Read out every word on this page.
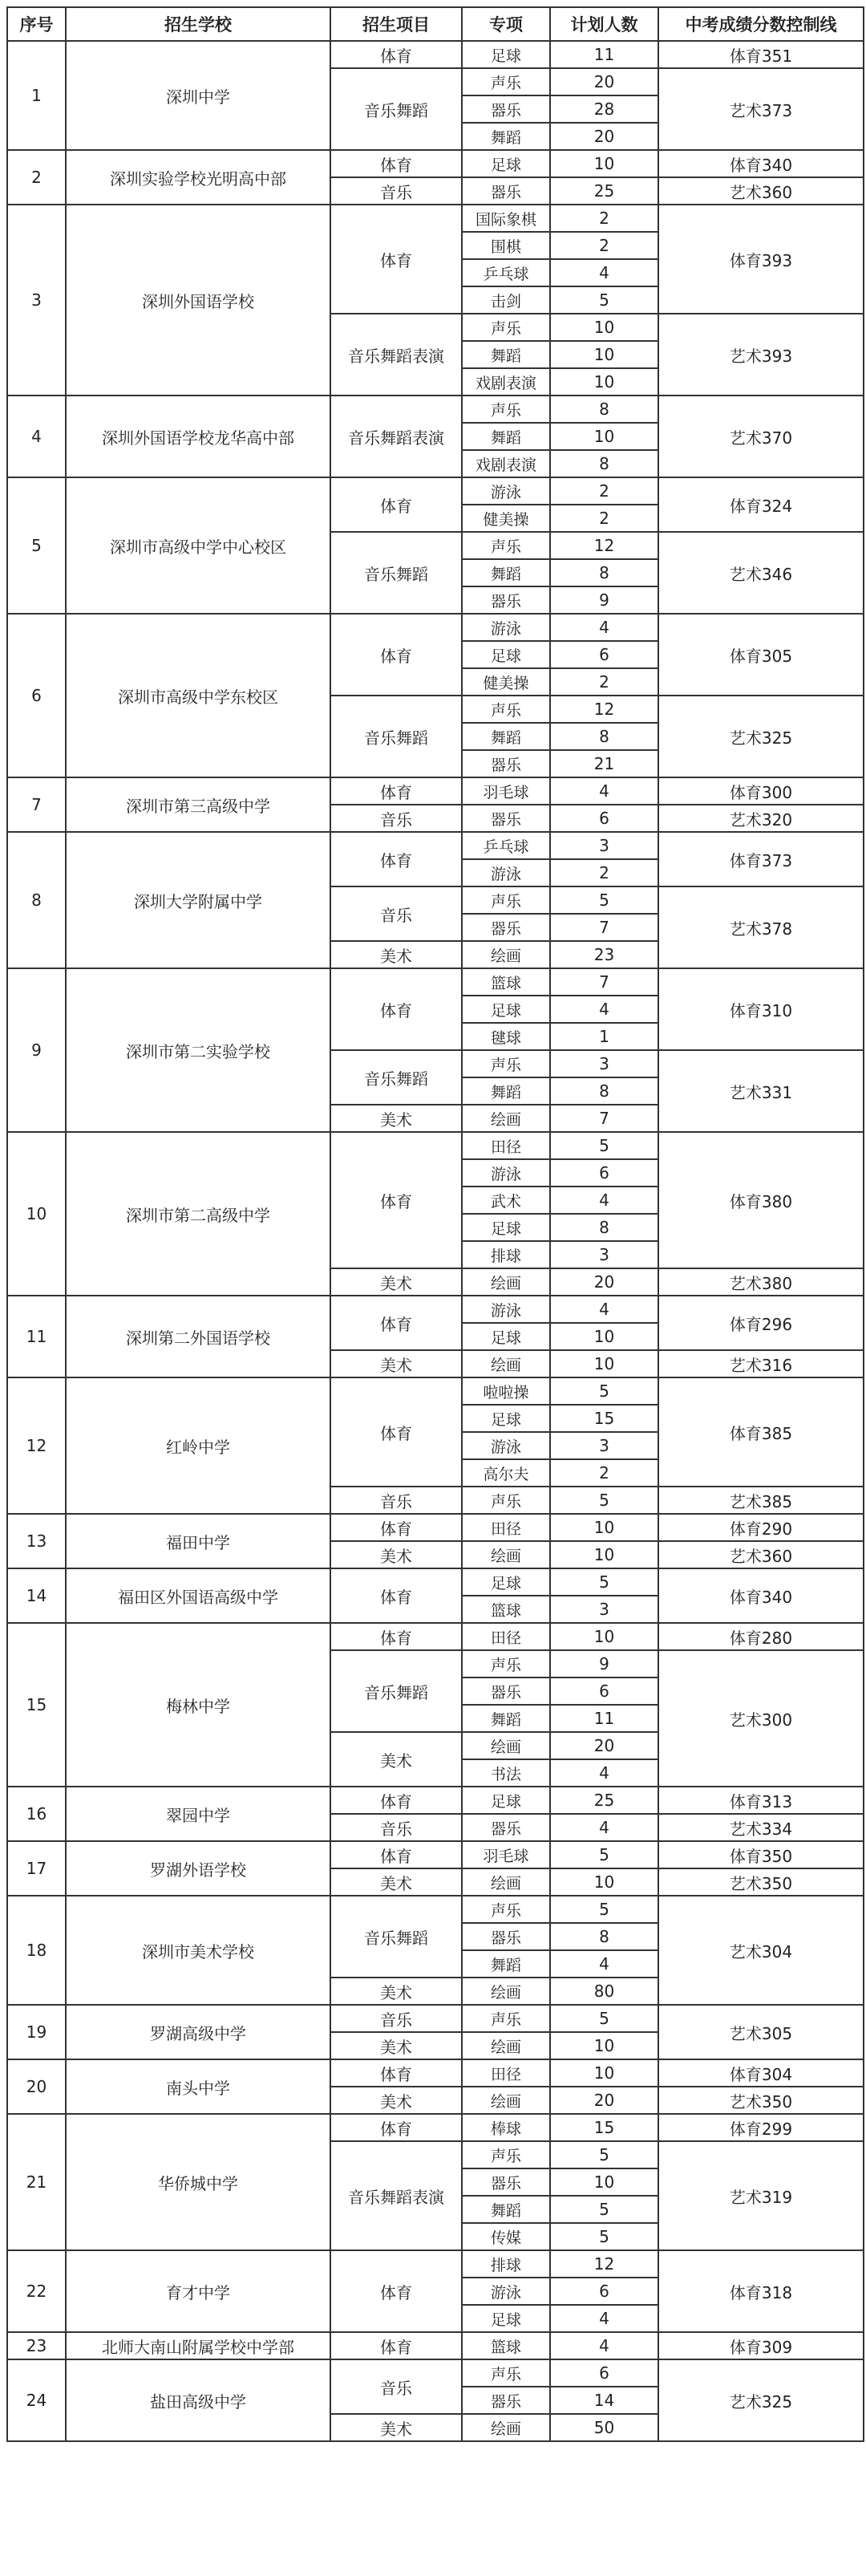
序号	招生学校	招生项目	专项	计划人数	中考成绩分数控制线
1	深圳中学	体育	足球	11	体育351
		音乐舞蹈	声乐	20	艺术373
			器乐	28	
			舞蹈	20	
2	深圳实验学校光明高中部	体育	足球	10	体育340
		音乐	器乐	25	艺术360
3	深圳外国语学校	体育	国际象棋	2	体育393
			围棋	2	
			乒乓球	4	
			击剑	5	
		音乐舞蹈表演	声乐	10	艺术393
			舞蹈	10	
			戏剧表演	10	
4	深圳外国语学校龙华高中部	音乐舞蹈表演	声乐	8	艺术370
			舞蹈	10	
			戏剧表演	8	
5	深圳市高级中学中心校区	体育	游泳	2	体育324
			健美操	2	
		音乐舞蹈	声乐	12	艺术346
			舞蹈	8	
			器乐	9	
6	深圳市高级中学东校区	体育	游泳	4	体育305
			足球	6	
			健美操	2	
		音乐舞蹈	声乐	12	艺术325
			舞蹈	8	
			器乐	21	
7	深圳市第三高级中学	体育	羽毛球	4	体育300
		音乐	器乐	6	艺术320
8	深圳大学附属中学	体育	乒乓球	3	体育373
			游泳	2	
		音乐	声乐	5	艺术378
			器乐	7	
		美术	绘画	23	
9	深圳市第二实验学校	体育	篮球	7	体育310
			足球	4	
			毽球	1	
		音乐舞蹈	声乐	3	艺术331
			舞蹈	8	
		美术	绘画	7	
10	深圳市第二高级中学	体育	田径	5	体育380
			游泳	6	
			武术	4	
			足球	8	
			排球	3	
		美术	绘画	20	艺术380
11	深圳第二外国语学校	体育	游泳	4	体育296
			足球	10	
		美术	绘画	10	艺术316
12	红岭中学	体育	啦啦操	5	体育385
			足球	15	
			游泳	3	
			高尔夫	2	
		音乐	声乐	5	艺术385
13	福田中学	体育	田径	10	体育290
		美术	绘画	10	艺术360
14	福田区外国语高级中学	体育	足球	5	体育340
			篮球	3	
15	梅林中学	体育	田径	10	体育280
		音乐舞蹈	声乐	9	艺术300
			器乐	6	
			舞蹈	11	
		美术	绘画	20	
			书法	4	
16	翠园中学	体育	足球	25	体育313
		音乐	器乐	4	艺术334
17	罗湖外语学校	体育	羽毛球	5	体育350
		美术	绘画	10	艺术350
18	深圳市美术学校	音乐舞蹈	声乐	5	艺术304
			器乐	8	
			舞蹈	4	
		美术	绘画	80	
19	罗湖高级中学	音乐	声乐	5	艺术305
		美术	绘画	10	
20	南头中学	体育	田径	10	体育304
		美术	绘画	20	艺术350
21	华侨城中学	体育	棒球	15	体育299
		音乐舞蹈表演	声乐	5	艺术319
			器乐	10	
			舞蹈	5	
			传媒	5	
22	育才中学	体育	排球	12	体育318
			游泳	6	
			足球	4	
23	北师大南山附属学校中学部	体育	篮球	4	体育309
24	盐田高级中学	音乐	声乐	6	艺术325
			器乐	14	
		美术	绘画	50	
